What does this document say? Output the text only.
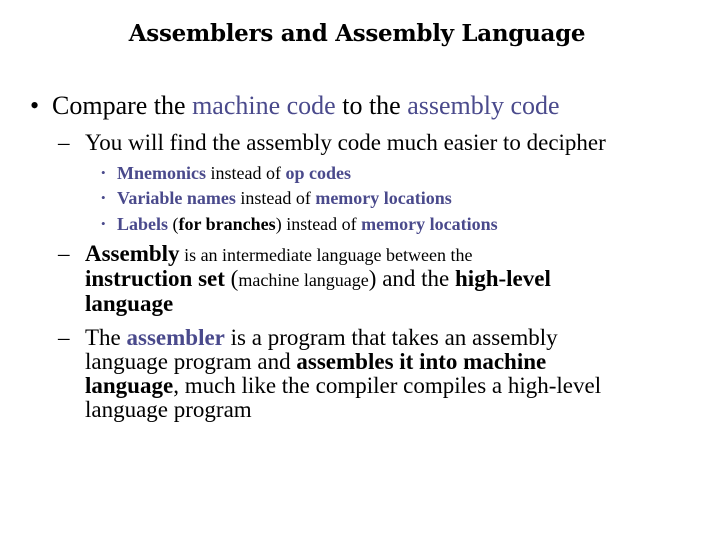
Assemblers and Assembly Language
• Compare the machine code to the assembly code
– You will find the assembly code much easier to decipher
• Mnemonics instead of op codes
• Variable names instead of memory locations
• Labels (for branches) instead of memory locations
– Assembly is an intermediate language between the
instruction set (machine language) and the high-level
language
– The assembler is a program that takes an assembly
language program and assembles it into machine
language, much like the compiler compiles a high-level
language program
